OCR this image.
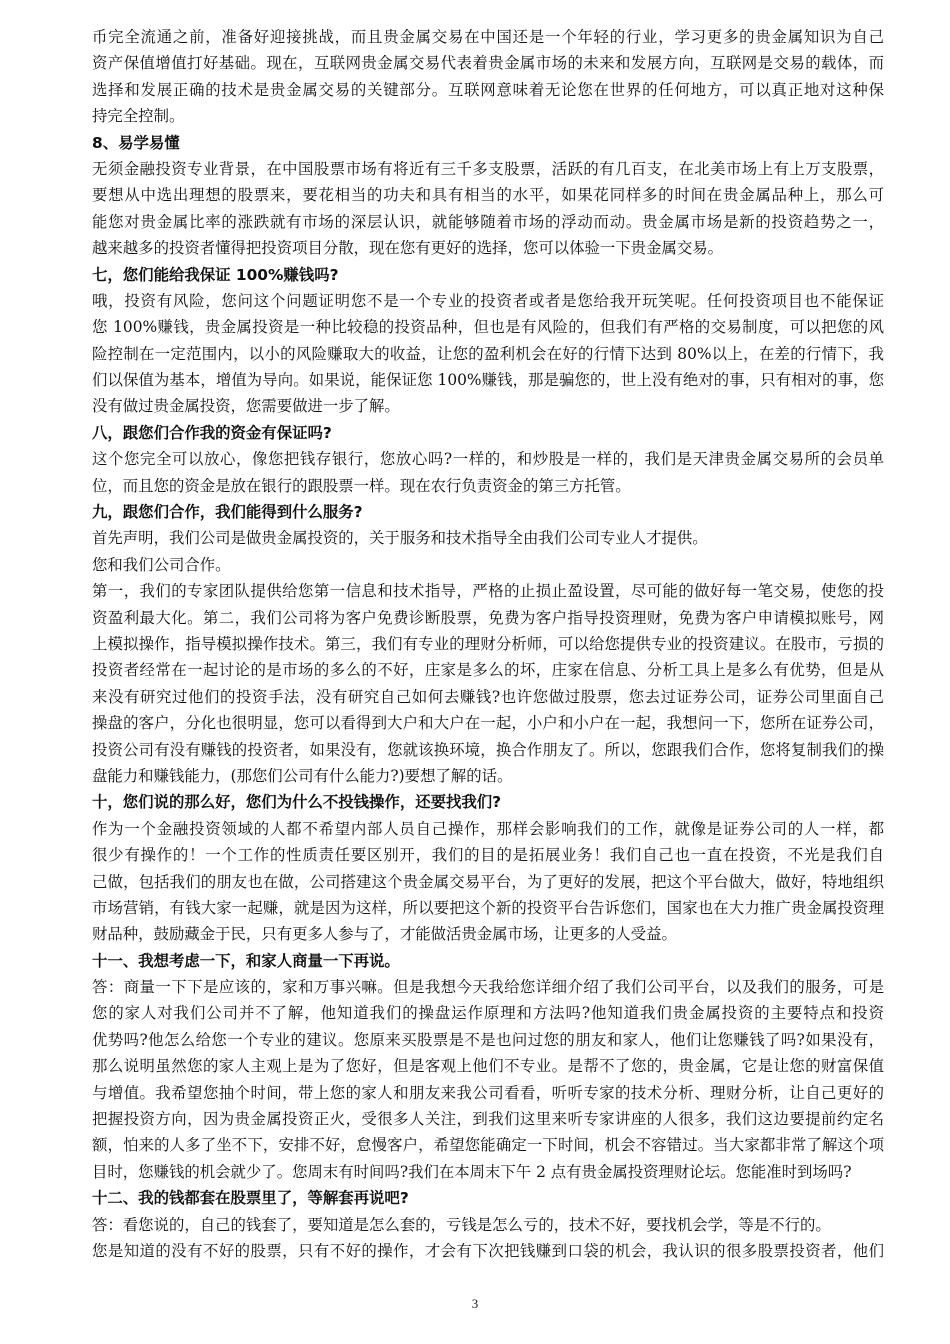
币完全流通之前，准备好迎接挑战，而且贵金属交易在中国还是一个年轻的行业，学习更多的贵金属知识为自己
资产保值增值打好基础。现在，互联网贵金属交易代表着贵金属市场的未来和发展方向，互联网是交易的载体，而
选择和发展正确的技术是贵金属交易的关键部分。互联网意味着无论您在世界的任何地方，可以真正地对这种保
持完全控制。
8、易学易懂
无须金融投资专业背景，在中国股票市场有将近有三千多支股票，活跃的有几百支，在北美市场上有上万支股票，
要想从中选出理想的股票来，要花相当的功夫和具有相当的水平，如果花同样多的时间在贵金属品种上，那么可
能您对贵金属比率的涨跌就有市场的深层认识，就能够随着市场的浮动而动。贵金属市场是新的投资趋势之一，
越来越多的投资者懂得把投资项目分散，现在您有更好的选择，您可以体验一下贵金属交易。
七，您们能给我保证 100%赚钱吗?
哦，投资有风险，您问这个问题证明您不是一个专业的投资者或者是您给我开玩笑呢。任何投资项目也不能保证
您 100%赚钱，贵金属投资是一种比较稳的投资品种，但也是有风险的，但我们有严格的交易制度，可以把您的风
险控制在一定范围内，以小的风险赚取大的收益，让您的盈利机会在好的行情下达到 80%以上，在差的行情下，我
们以保值为基本，增值为导向。如果说，能保证您 100%赚钱，那是骗您的，世上没有绝对的事，只有相对的事，您
没有做过贵金属投资，您需要做进一步了解。
八，跟您们合作我的资金有保证吗?
这个您完全可以放心，像您把钱存银行，您放心吗?一样的，和炒股是一样的，我们是天津贵金属交易所的会员单
位，而且您的资金是放在银行的跟股票一样。现在农行负责资金的第三方托管。
九，跟您们合作，我们能得到什么服务?
首先声明，我们公司是做贵金属投资的，关于服务和技术指导全由我们公司专业人才提供。
您和我们公司合作。
第一，我们的专家团队提供给您第一信息和技术指导，严格的止损止盈设置，尽可能的做好每一笔交易，使您的投
资盈利最大化。第二，我们公司将为客户免费诊断股票，免费为客户指导投资理财，免费为客户申请模拟账号，网
上模拟操作，指导模拟操作技术。第三，我们有专业的理财分析师，可以给您提供专业的投资建议。在股市，亏损的
投资者经常在一起讨论的是市场的多么的不好，庄家是多么的坏，庄家在信息、分析工具上是多么有优势，但是从
来没有研究过他们的投资手法，没有研究自己如何去赚钱?也许您做过股票，您去过证券公司，证券公司里面自己
操盘的客户，分化也很明显，您可以看得到大户和大户在一起，小户和小户在一起，我想问一下，您所在证券公司，
投资公司有没有赚钱的投资者，如果没有，您就该换环境，换合作朋友了。所以，您跟我们合作，您将复制我们的操
盘能力和赚钱能力，(那您们公司有什么能力?)要想了解的话。
十，您们说的那么好，您们为什么不投钱操作，还要找我们?
作为一个金融投资领域的人都不希望内部人员自己操作，那样会影响我们的工作，就像是证券公司的人一样，都
很少有操作的！一个工作的性质责任要区别开，我们的目的是拓展业务！我们自己也一直在投资，不光是我们自
己做，包括我们的朋友也在做，公司搭建这个贵金属交易平台，为了更好的发展，把这个平台做大，做好，特地组织
市场营销，有钱大家一起赚，就是因为这样，所以要把这个新的投资平台告诉您们，国家也在大力推广贵金属投资理
财品种，鼓励藏金于民，只有更多人参与了，才能做活贵金属市场，让更多的人受益。
十一、我想考虑一下，和家人商量一下再说。
答：商量一下下是应该的，家和万事兴嘛。但是我想今天我给您详细介绍了我们公司平台，以及我们的服务，可是
您的家人对我们公司并不了解，他知道我们的操盘运作原理和方法吗?他知道我们贵金属投资的主要特点和投资
优势吗?他怎么给您一个专业的建议。您原来买股票是不是也问过您的朋友和家人，他们让您赚钱了吗?如果没有，
那么说明虽然您的家人主观上是为了您好，但是客观上他们不专业。是帮不了您的，贵金属，它是让您的财富保值
与增值。我希望您抽个时间，带上您的家人和朋友来我公司看看，听听专家的技术分析、理财分析，让自己更好的
把握投资方向，因为贵金属投资正火，受很多人关注，到我们这里来听专家讲座的人很多，我们这边要提前约定名
额，怕来的人多了坐不下，安排不好，怠慢客户，希望您能确定一下时间，机会不容错过。当大家都非常了解这个项
目时，您赚钱的机会就少了。您周末有时间吗?我们在本周末下午 2 点有贵金属投资理财论坛。您能准时到场吗?
十二、我的钱都套在股票里了，等解套再说吧?
答：看您说的，自己的钱套了，要知道是怎么套的，亏钱是怎么亏的，技术不好，要找机会学，等是不行的。
您是知道的没有不好的股票，只有不好的操作，才会有下次把钱赚到口袋的机会，我认识的很多股票投资者，他们
3
